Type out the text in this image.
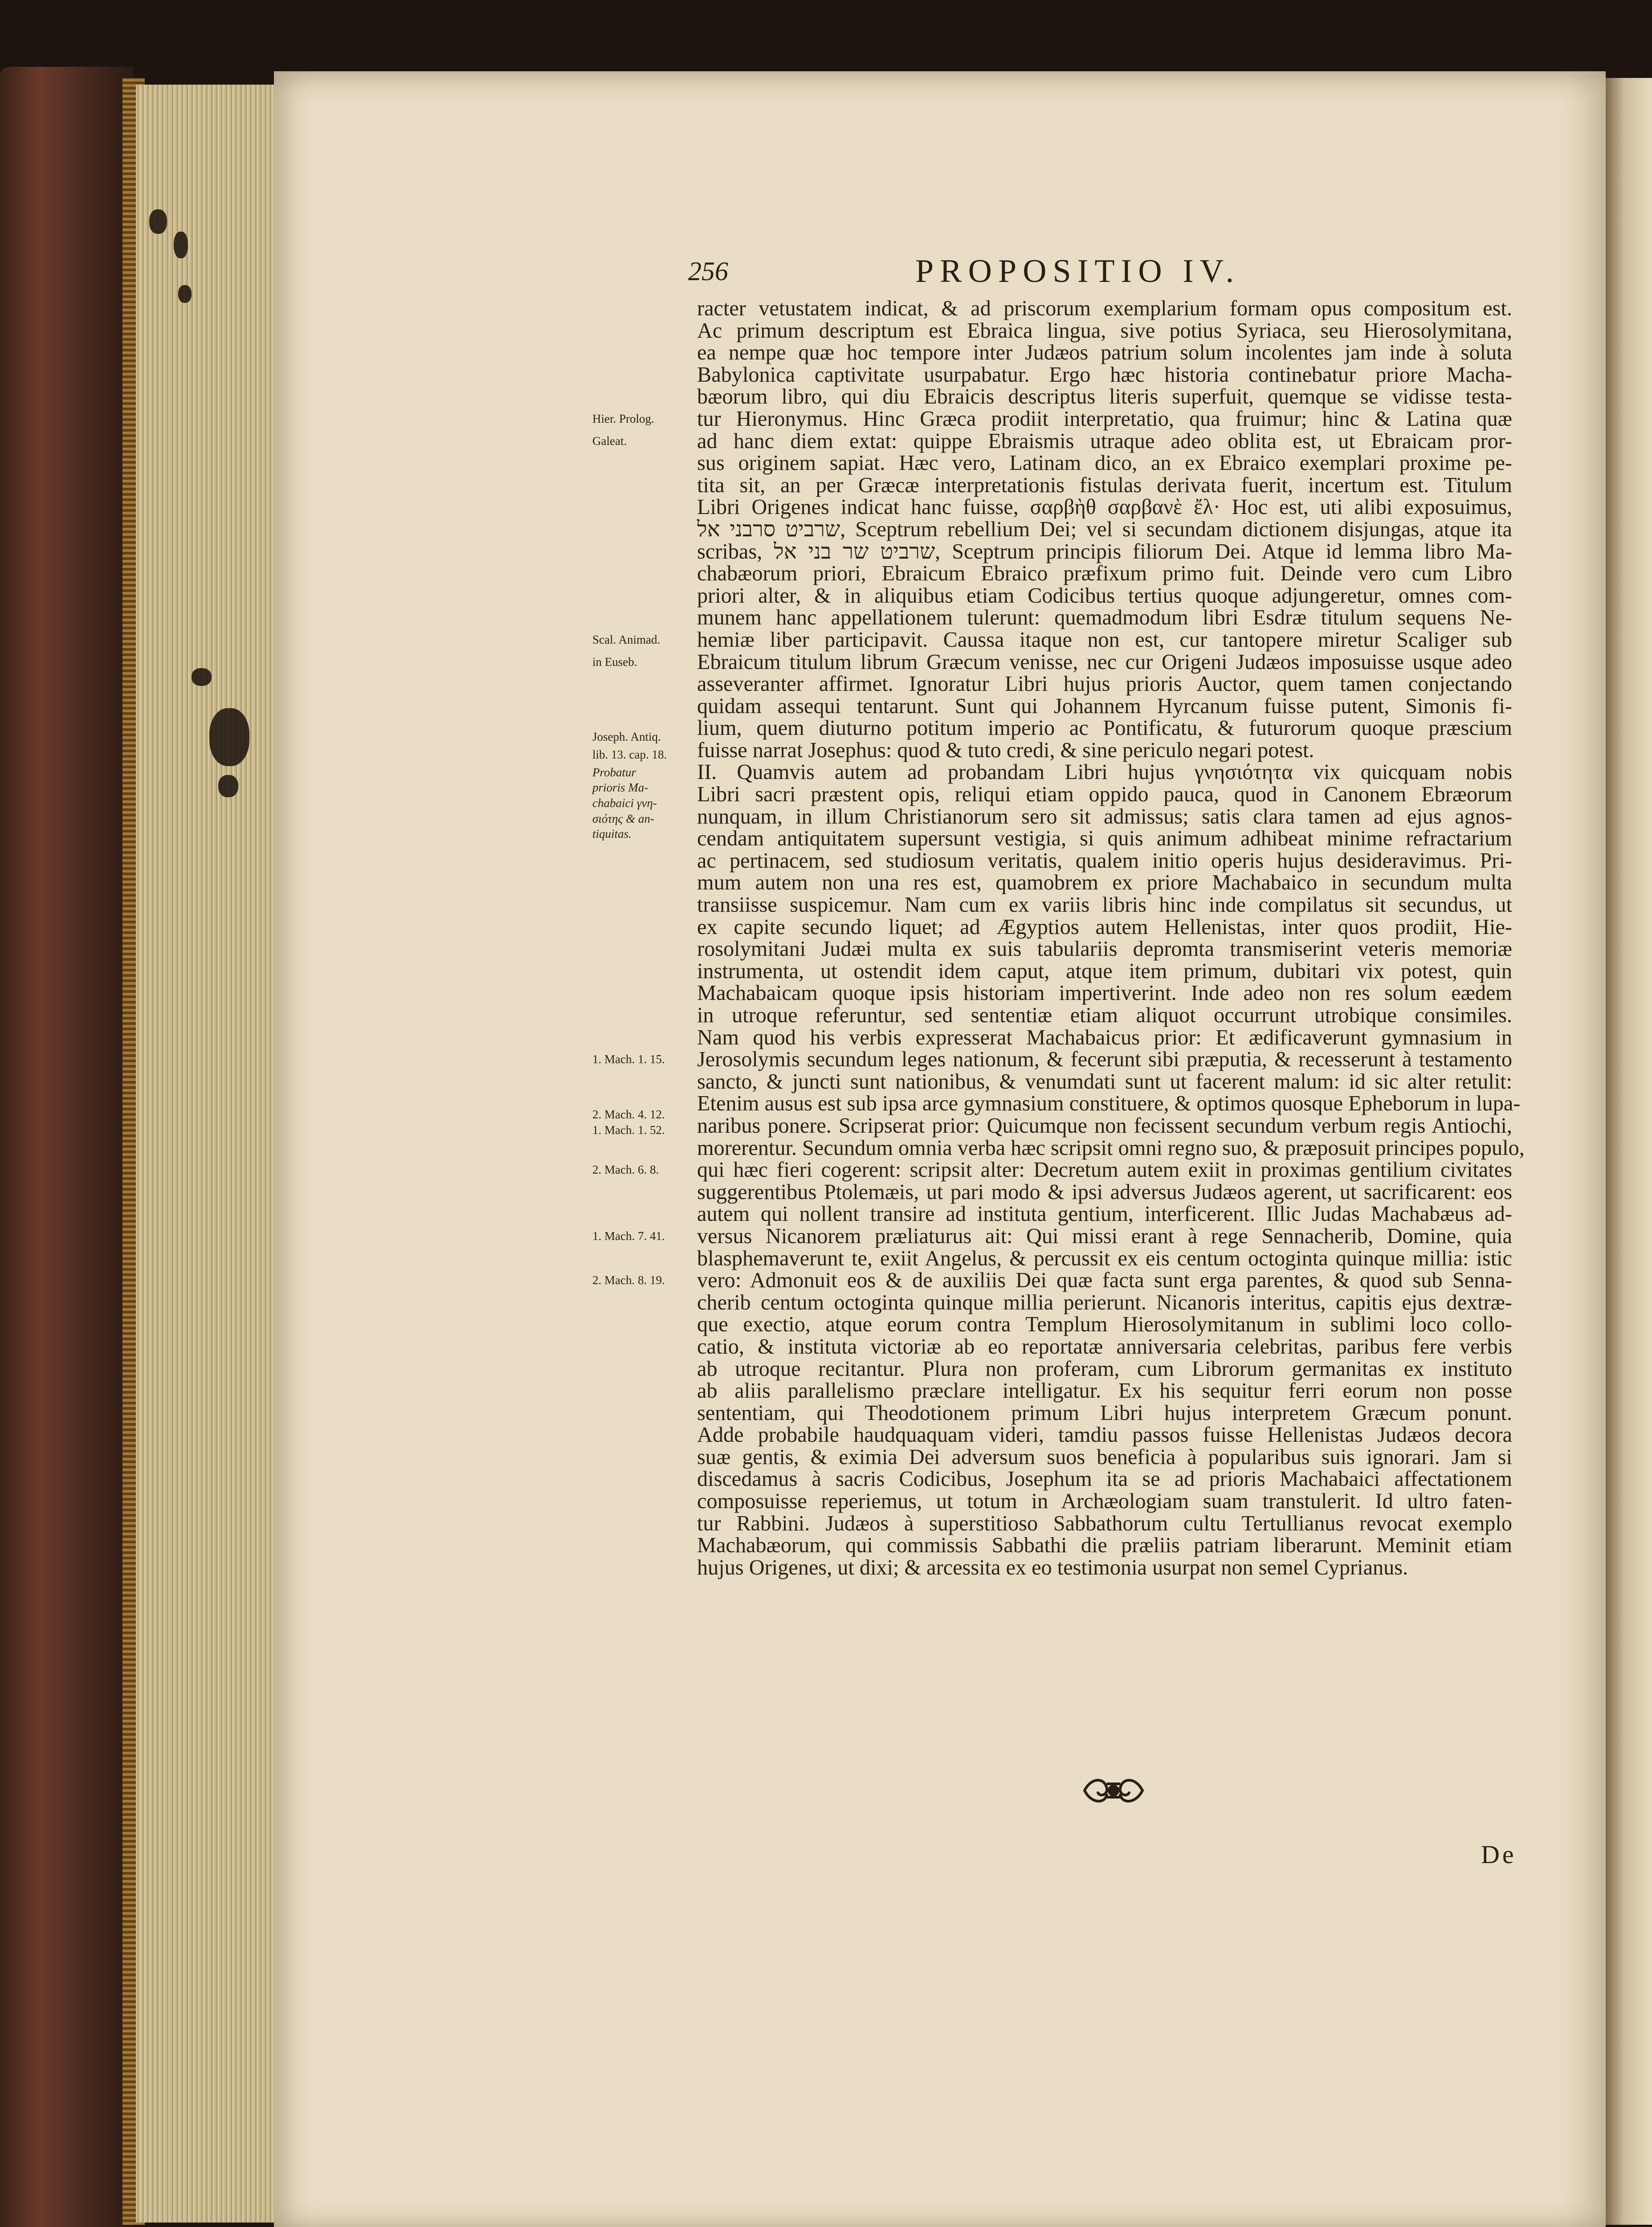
256	PROPOSITIO IV.
Hier. Prolog.
Galeat.
Scal. Animad.
in Euseb.
Joseph. Antiq.
lib. 13. cap. 18.
Probatur
prioris Ma-
chabaici γνη-
σιότης & an-
tiquitas.
1. Mach. 1. 15.
2. Mach. 4. 12.
1. Mach. 1. 52.
2. Mach. 6. 8.
1. Mach. 7. 41.
2. Mach. 8. 19.

racter vetustatem indicat, & ad priscorum exemplarium formam opus compositum est.

Ac primum descriptum est Ebraica lingua, sive potius Syriaca, seu Hierosolymitana,

ea nempe quæ hoc tempore inter Judæos patrium solum incolentes jam inde à soluta

Babylonica captivitate usurpabatur. Ergo hæc historia continebatur priore Macha-

bæorum libro, qui diu Ebraicis descriptus literis superfuit, quemque se vidisse testa-

tur Hieronymus. Hinc Græca prodiit interpretatio, qua fruimur; hinc & Latina quæ

ad hanc diem extat: quippe Ebraismis utraque adeo oblita est, ut Ebraicam pror-

sus originem sapiat. Hæc vero, Latinam dico, an ex Ebraico exemplari proxime pe-

tita sit, an per Græcæ interpretationis fistulas derivata fuerit, incertum est. Titulum

Libri Origenes indicat hanc fuisse, σαρβὴθ σαρβανὲ ἔλ· Hoc est, uti alibi exposuimus,

שרביט סרבני אל, Sceptrum rebellium Dei; vel si secundam dictionem disjungas, atque ita

scribas, שרביט שר בני אל, Sceptrum principis filiorum Dei. Atque id lemma libro Ma-

chabæorum priori, Ebraicum Ebraico præfixum primo fuit. Deinde vero cum Libro

priori alter, & in aliquibus etiam Codicibus tertius quoque adjungeretur, omnes com-

munem hanc appellationem tulerunt: quemadmodum libri Esdræ titulum sequens Ne-

hemiæ liber participavit. Caussa itaque non est, cur tantopere miretur Scaliger sub

Ebraicum titulum librum Græcum venisse, nec cur Origeni Judæos imposuisse usque adeo

asseveranter affirmet. Ignoratur Libri hujus prioris Auctor, quem tamen conjectando

quidam assequi tentarunt. Sunt qui Johannem Hyrcanum fuisse putent, Simonis fi-

lium, quem diuturno potitum imperio ac Pontificatu, & futurorum quoque præscium

fuisse narrat Josephus: quod & tuto credi, & sine periculo negari potest.

II. Quamvis autem ad probandam Libri hujus γνησιότητα vix quicquam nobis

Libri sacri præstent opis, reliqui etiam oppido pauca, quod in Canonem Ebræorum

nunquam, in illum Christianorum sero sit admissus; satis clara tamen ad ejus agnos-

cendam antiquitatem supersunt vestigia, si quis animum adhibeat minime refractarium

ac pertinacem, sed studiosum veritatis, qualem initio operis hujus desideravimus. Pri-

mum autem non una res est, quamobrem ex priore Machabaico in secundum multa

transiisse suspicemur. Nam cum ex variis libris hinc inde compilatus sit secundus, ut

ex capite secundo liquet; ad Ægyptios autem Hellenistas, inter quos prodiit, Hie-

rosolymitani Judæi multa ex suis tabulariis depromta transmiserint veteris memoriæ

instrumenta, ut ostendit idem caput, atque item primum, dubitari vix potest, quin

Machabaicam quoque ipsis historiam impertiverint. Inde adeo non res solum eædem

in utroque referuntur, sed sententiæ etiam aliquot occurrunt utrobique consimiles.

Nam quod his verbis expresserat Machabaicus prior: Et ædificaverunt gymnasium in

Jerosolymis secundum leges nationum, & fecerunt sibi præputia, & recesserunt à testamento

sancto, & juncti sunt nationibus, & venumdati sunt ut facerent malum: id sic alter retulit:

Etenim ausus est sub ipsa arce gymnasium constituere, & optimos quosque Epheborum in lupa-

naribus ponere. Scripserat prior: Quicumque non fecissent secundum verbum regis Antiochi,

morerentur. Secundum omnia verba hæc scripsit omni regno suo, & præposuit principes populo,

qui hæc fieri cogerent: scripsit alter: Decretum autem exiit in proximas gentilium civitates

suggerentibus Ptolemæis, ut pari modo & ipsi adversus Judæos agerent, ut sacrificarent: eos

autem qui nollent transire ad instituta gentium, interficerent. Illic Judas Machabæus ad-

versus Nicanorem præliaturus ait: Qui missi erant à rege Sennacherib, Domine, quia

blasphemaverunt te, exiit Angelus, & percussit ex eis centum octoginta quinque millia: istic

vero: Admonuit eos & de auxiliis Dei quæ facta sunt erga parentes, & quod sub Senna-

cherib centum octoginta quinque millia perierunt. Nicanoris interitus, capitis ejus dextræ-

que exectio, atque eorum contra Templum Hierosolymitanum in sublimi loco collo-

catio, & instituta victoriæ ab eo reportatæ anniversaria celebritas, paribus fere verbis

ab utroque recitantur. Plura non proferam, cum Librorum germanitas ex instituto

ab aliis parallelismo præclare intelligatur. Ex his sequitur ferri eorum non posse

sententiam, qui Theodotionem primum Libri hujus interpretem Græcum ponunt.

Adde probabile haudquaquam videri, tamdiu passos fuisse Hellenistas Judæos decora

suæ gentis, & eximia Dei adversum suos beneficia à popularibus suis ignorari. Jam si

discedamus à sacris Codicibus, Josephum ita se ad prioris Machabaici affectationem

composuisse reperiemus, ut totum in Archæologiam suam transtulerit. Id ultro faten-

tur Rabbini. Judæos à superstitioso Sabbathorum cultu Tertullianus revocat exemplo

Machabæorum, qui commissis Sabbathi die præliis patriam liberarunt. Meminit etiam

hujus Origenes, ut dixi; & arcessita ex eo testimonia usurpat non semel Cyprianus.

De
